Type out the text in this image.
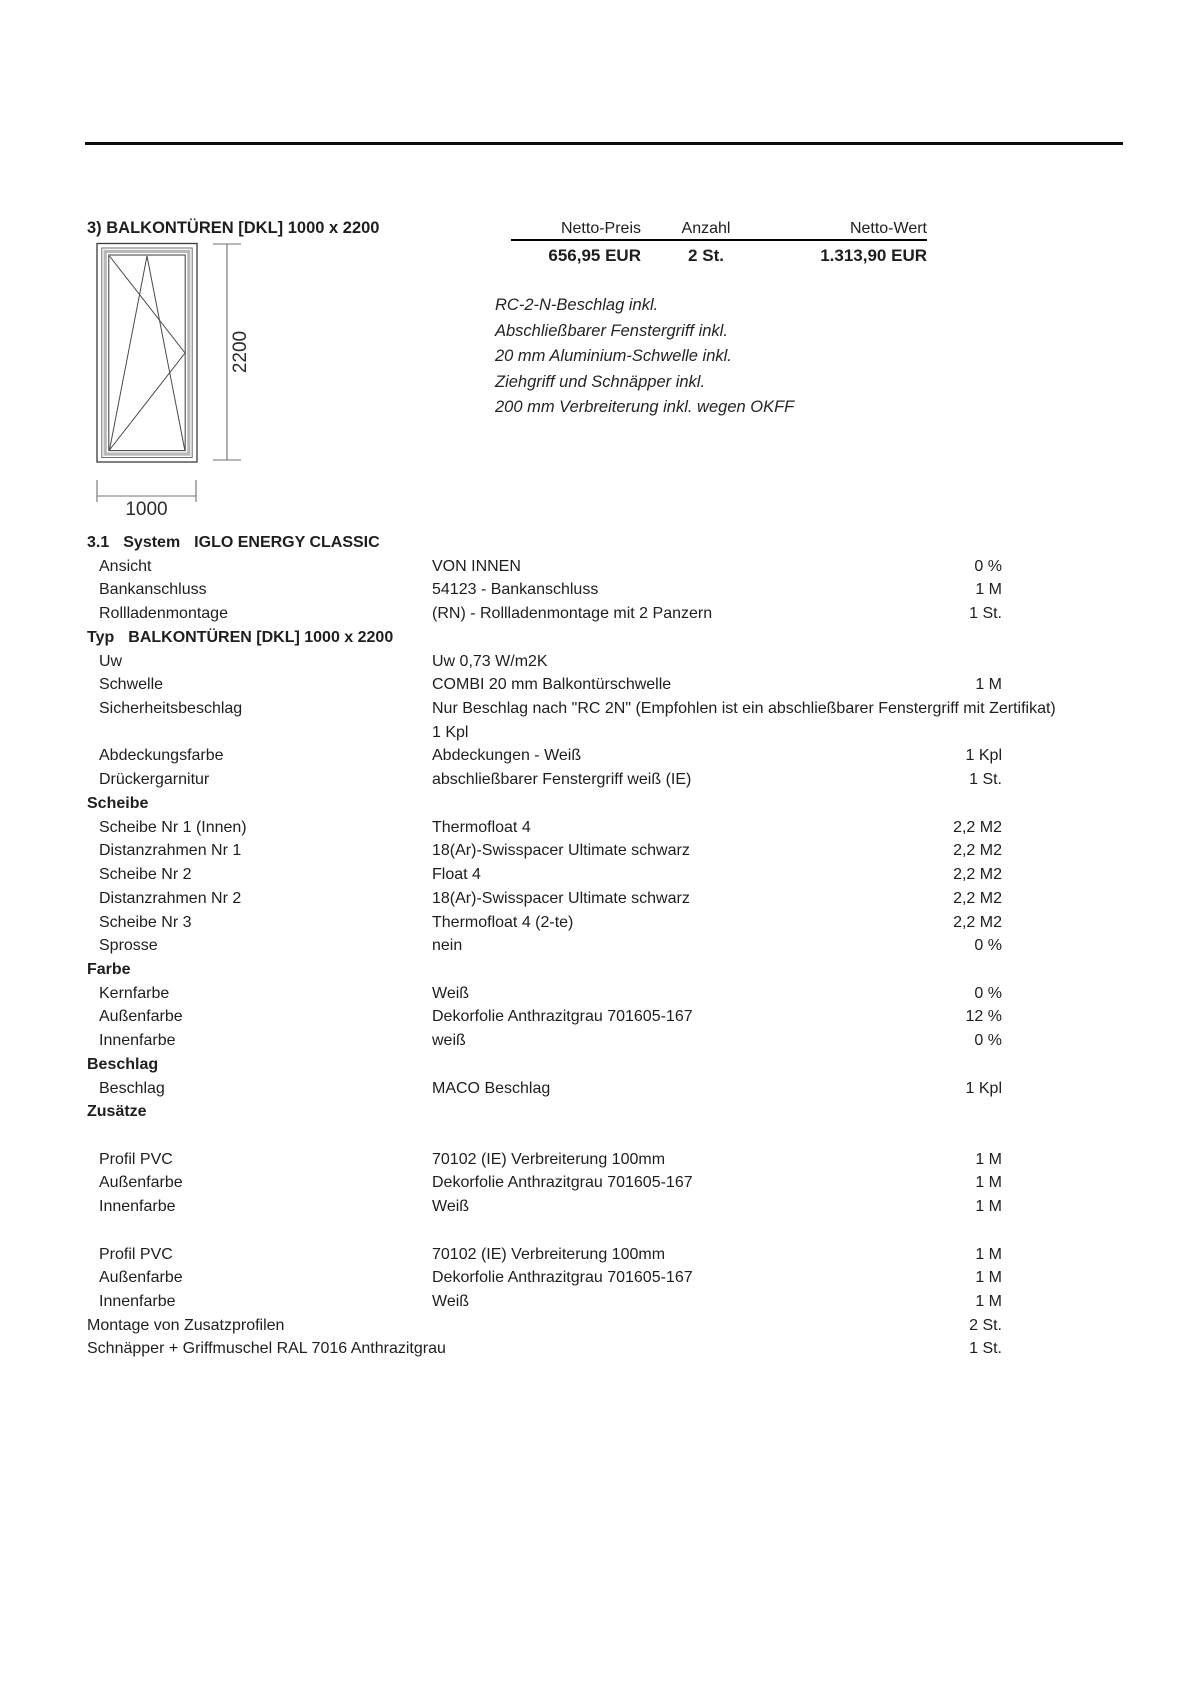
3) BALKONTÜREN [DKL] 1000 x 2200	Netto-Preis	Anzahl	Netto-Wert
656,95 EUR	2 St.	1.313,90 EUR
2200
1000
RC-2-N-Beschlag inkl.
Abschließbarer Fenstergriff inkl.
20 mm Aluminium-Schwelle inkl.
Ziehgriff und Schnäpper inkl.
200 mm Verbreiterung inkl. wegen OKFF
3.1 System IGLO ENERGY CLASSIC
Ansicht	VON INNEN	0 %
Bankanschluss	54123 - Bankanschluss	1 M
Rollladenmontage	(RN) - Rollladenmontage mit 2 Panzern	1 St.
Typ BALKONTÜREN [DKL] 1000 x 2200
Uw	Uw 0,73 W/m2K
Schwelle	COMBI 20 mm Balkontürschwelle	1 M
Sicherheitsbeschlag	Nur Beschlag nach "RC 2N" (Empfohlen ist ein abschließbarer Fenstergriff mit Zertifikat)
1 Kpl
Abdeckungsfarbe	Abdeckungen - Weiß	1 Kpl
Drückergarnitur	abschließbarer Fenstergriff weiß (IE)	1 St.
Scheibe
Scheibe Nr 1 (Innen)	Thermofloat 4	2,2 M2
Distanzrahmen Nr 1	18(Ar)-Swisspacer Ultimate schwarz	2,2 M2
Scheibe Nr 2	Float 4	2,2 M2
Distanzrahmen Nr 2	18(Ar)-Swisspacer Ultimate schwarz	2,2 M2
Scheibe Nr 3	Thermofloat 4 (2-te)	2,2 M2
Sprosse	nein	0 %
Farbe
Kernfarbe	Weiß	0 %
Außenfarbe	Dekorfolie Anthrazitgrau 701605-167	12 %
Innenfarbe	weiß	0 %
Beschlag
Beschlag	MACO Beschlag	1 Kpl
Zusätze
Profil PVC	70102 (IE) Verbreiterung 100mm	1 M
Außenfarbe	Dekorfolie Anthrazitgrau 701605-167	1 M
Innenfarbe	Weiß	1 M
Profil PVC	70102 (IE) Verbreiterung 100mm	1 M
Außenfarbe	Dekorfolie Anthrazitgrau 701605-167	1 M
Innenfarbe	Weiß	1 M
Montage von Zusatzprofilen	2 St.
Schnäpper + Griffmuschel RAL 7016 Anthrazitgrau	1 St.
